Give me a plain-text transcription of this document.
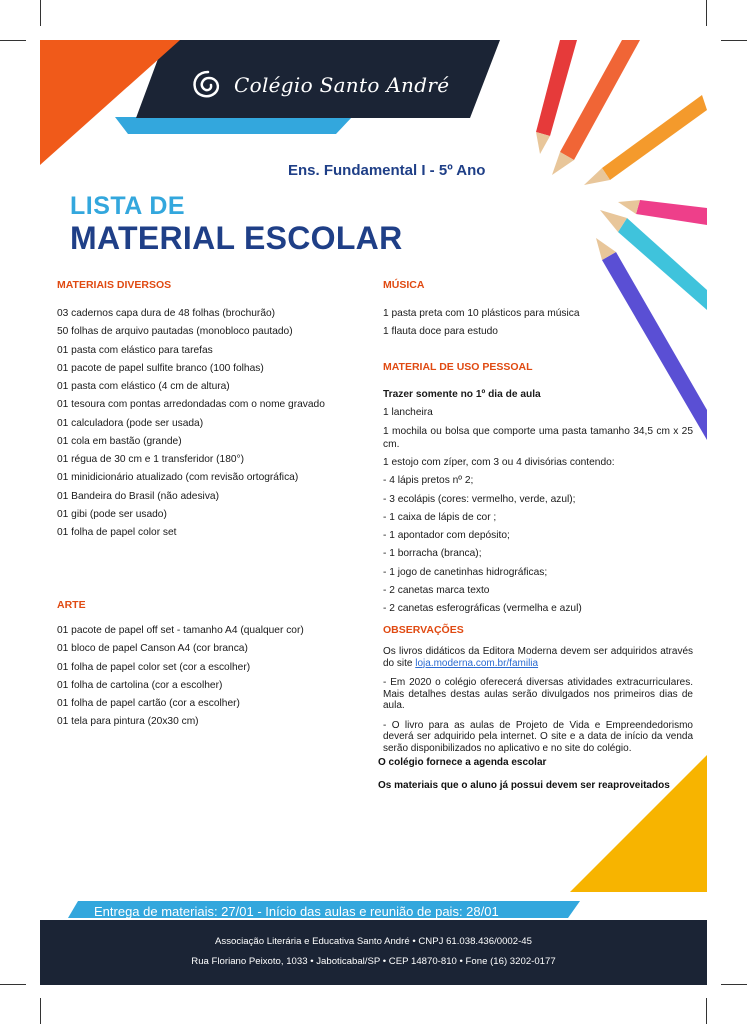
Colégio Santo André
Ens. Fundamental I - 5º Ano
LISTA DE
MATERIAL ESCOLAR
MATERIAIS DIVERSOS
03 cadernos capa dura de 48 folhas (brochurão)
50 folhas de arquivo pautadas (monobloco pautado)
01 pasta com elástico para tarefas
01 pacote de papel sulfite branco (100 folhas)
01 pasta com elástico (4 cm de altura)
01 tesoura com pontas arredondadas com o nome gravado
01 calculadora (pode ser usada)
01 cola em bastão (grande)
01 régua de 30 cm e 1 transferidor (180°)
01 minidicionário atualizado (com revisão ortográfica)
01 Bandeira do Brasil (não adesiva)
01 gibi (pode ser usado)
01 folha de papel color set
ARTE
01 pacote de papel off set - tamanho A4 (qualquer cor)
01 bloco de papel Canson A4 (cor branca)
01 folha de papel color set (cor a escolher)
01 folha de cartolina (cor a escolher)
01 folha de papel cartão (cor a escolher)
01 tela para pintura (20x30 cm)
MÚSICA
1 pasta preta com 10 plásticos para música
1 flauta doce para estudo
MATERIAL DE USO PESSOAL
Trazer somente no 1º dia de aula
1 lancheira
1 mochila ou bolsa que comporte uma pasta tamanho 34,5 cm x 25 cm.
1 estojo com zíper, com 3 ou 4 divisórias contendo:
- 4 lápis pretos nº 2;
- 3 ecolápis (cores: vermelho, verde, azul);
- 1 caixa de lápis de cor ;
- 1 apontador com depósito;
- 1 borracha (branca);
- 1 jogo de canetinhas hidrográficas;
- 2 canetas marca texto
- 2 canetas esferográficas (vermelha e azul)
OBSERVAÇÕES

Os livros didáticos da Editora Moderna devem ser adquiridos através do site loja.moderna.com.br/familia

- Em 2020 o colégio oferecerá diversas atividades extracurriculares. Mais detalhes destas aulas serão divulgados nos primeiros dias de aula.

- O livro para as aulas de Projeto de Vida e Empreendedorismo deverá ser adquirido pela internet. O site e a data de início da venda serão disponibilizados no aplicativo e no site do colégio.

O colégio fornece a agenda escolar
Os materiais que o aluno já possui devem ser reaproveitados
Entrega de materiais: 27/01 - Início das aulas e reunião de pais: 28/01
Associação Literária e Educativa Santo André • CNPJ 61.038.436/0002-45
Rua Floriano Peixoto, 1033 • Jaboticabal/SP • CEP 14870-810 • Fone (16) 3202-0177
